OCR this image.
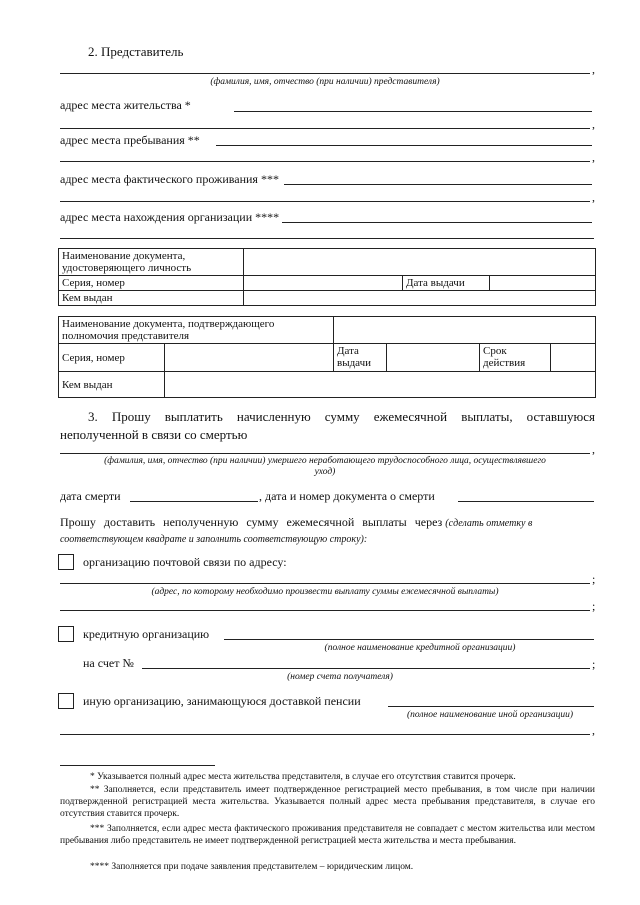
2. Представитель
,
(фамилия, имя, отчество (при наличии) представителя)
адрес места жительства *
,
адрес места пребывания **
,
адрес места фактического проживания ***
,
адрес места нахождения организации ****
Наименование документа, удостоверяющего личность			
Серия, номер		Дата выдачи	
Кем выдан			
Наименование документа, подтверждающего полномочия представителя					
Серия, номер		Дата выдачи		Срок действия	
Кем выдан					
3. Прошу выплатить начисленную сумму ежемесячной выплаты, оставшуюся неполученной в связи со смертью
,
(фамилия, имя, отчество (при наличии) умершего неработающего трудоспособного лица, осуществлявшего уход)
дата смерти	, дата и номер документа о смерти
Прошу доставить неполученную сумму ежемесячной выплаты через (сделать отметку в соответствующем квадрате и заполнить соответствующую строку):
организацию почтовой связи по адресу:
;
(адрес, по которому необходимо произвести выплату суммы ежемесячной выплаты)
;
кредитную организацию
(полное наименование кредитной организации)
на счет №	;
(номер счета получателя)
иную организацию, занимающуюся доставкой пенсии
(полное наименование иной организации)
,
* Указывается полный адрес места жительства представителя, в случае его отсутствия ставится прочерк.
** Заполняется, если представитель имеет подтвержденное регистрацией место пребывания, в том числе при наличии подтвержденной регистрацией места жительства. Указывается полный адрес места пребывания представителя, в случае его отсутствия ставится прочерк.
*** Заполняется, если адрес места фактического проживания представителя не совпадает с местом жительства или местом пребывания либо представитель не имеет подтвержденной регистрацией места жительства и места пребывания.
**** Заполняется при подаче заявления представителем – юридическим лицом.
